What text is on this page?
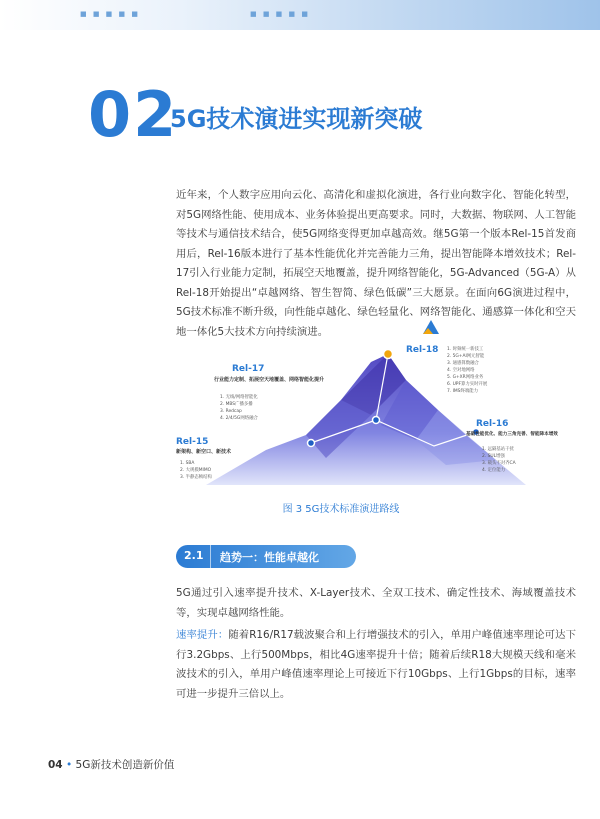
■ ■ ■ ■ ■	■ ■ ■ ■ ■
02
5G技术演进实现新突破
近年来，个人数字应用向云化、高清化和虚拟化演进，各行业向数字化、智能化转型，对5G网络性能、使用成本、业务体验提出更高要求。同时，大数据、物联网、人工智能等技术与通信技术结合，使5G网络变得更加卓越高效。继5G第一个版本Rel-15首发商用后，Rel-16版本进行了基本性能优化并完善能力三角，提出智能降本增效技术；Rel-17引入行业能力定制，拓展空天地覆盖，提升网络智能化，5G-Advanced（5G-A）从Rel-18开始提出“卓越网络、智生智简、绿色低碳”三大愿景。在面向6G演进过程中，5G技术标准不断升级，向性能卓越化、绿色轻量化、网络智能化、通感算一体化和空天地一体化5大技术方向持续演进。
Rel-18 1. 时频统一新技工
2. 5G+AI网元智能
3. 通感算数融合
4. 空对地网络
5. G+XR网络业务
6. UPF算力实时开展
7. IMS终端能力
Rel-17
行业能力定制、拓展空天地覆盖、网络智能化提升
1. 无线/网络智能化
2. MBS广播多播
3. Redcap
4. 2/4/5G网络融合
Rel-15
新架构、新空口、新技术
1. SBA
2. 大规模MIMO
3. 半静态帧结构
Rel-16
基础性能优化、能力三角完善、智能降本增效
1. 远隔基站干扰
2. SUL增强
3. 载头不对齐CA
4. 定位能力
图 3 5G技术标准演进路线
2.1 趋势一：性能卓越化
5G通过引入速率提升技术、X-Layer技术、全双工技术、确定性技术、海域覆盖技术等，实现卓越网络性能。
速率提升：随着R16/R17载波聚合和上行增强技术的引入，单用户峰值速率理论可达下行3.2Gbps、上行500Mbps，相比4G速率提升十倍；随着后续R18大规模天线和毫米波技术的引入，单用户峰值速率理论上可接近下行10Gbps、上行1Gbps的目标，速率可进一步提升三倍以上。
04 • 5G新技术创造新价值
